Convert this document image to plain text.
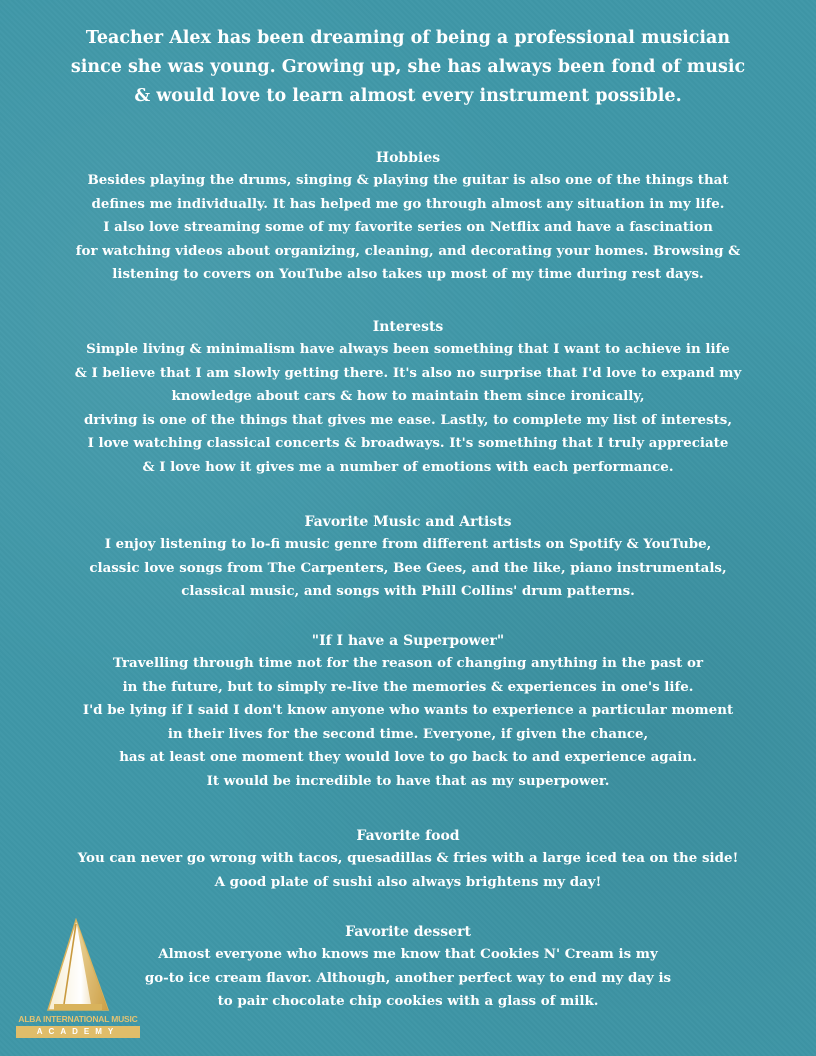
Teacher Alex has been dreaming of being a professional musician
since she was young. Growing up, she has always been fond of music
& would love to learn almost every instrument possible.
Hobbies
Besides playing the drums, singing & playing the guitar is also one of the things that
defines me individually. It has helped me go through almost any situation in my life.
I also love streaming some of my favorite series on Netflix and have a fascination
for watching videos about organizing, cleaning, and decorating your homes. Browsing &
listening to covers on YouTube also takes up most of my time during rest days.
Interests
Simple living & minimalism have always been something that I want to achieve in life
& I believe that I am slowly getting there. It's also no surprise that I'd love to expand my
knowledge about cars & how to maintain them since ironically,
driving is one of the things that gives me ease. Lastly, to complete my list of interests,
I love watching classical concerts & broadways. It's something that I truly appreciate
& I love how it gives me a number of emotions with each performance.
Favorite Music and Artists
I enjoy listening to lo-fi music genre from different artists on Spotify & YouTube,
classic love songs from The Carpenters, Bee Gees, and the like, piano instrumentals,
classical music, and songs with Phill Collins' drum patterns.
"If I have a Superpower"
Travelling through time not for the reason of changing anything in the past or
in the future, but to simply re-live the memories & experiences in one's life.
I'd be lying if I said I don't know anyone who wants to experience a particular moment
in their lives for the second time. Everyone, if given the chance,
has at least one moment they would love to go back to and experience again.
It would be incredible to have that as my superpower.
Favorite food
You can never go wrong with tacos, quesadillas & fries with a large iced tea on the side!
A good plate of sushi also always brightens my day!
Favorite dessert
Almost everyone who knows me know that Cookies N' Cream is my
go-to ice cream flavor. Although, another perfect way to end my day is
to pair chocolate chip cookies with a glass of milk.
ALBA INTERNATIONAL MUSIC
ACADEMY
